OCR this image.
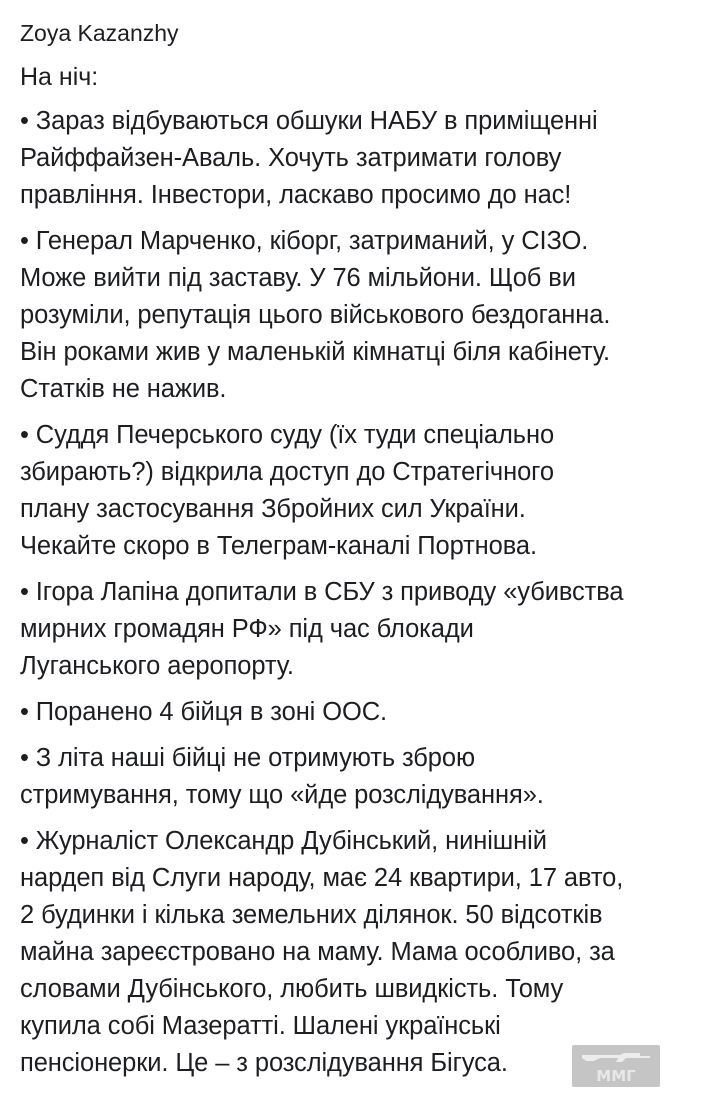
Zoya Kazanzhy
На ніч:
• Зараз відбуваються обшуки НАБУ в приміщенні
Райффайзен-Аваль. Хочуть затримати голову
правління. Інвестори, ласкаво просимо до нас!
• Генерал Марченко, кіборг, затриманий, у СІЗО.
Може вийти під заставу. У 76 мільйони. Щоб ви
розуміли, репутація цього військового бездоганна.
Він роками жив у маленькій кімнатці біля кабінету.
Статків не нажив.
• Суддя Печерського суду (їх туди спеціально
збирають?) відкрила доступ до Стратегічного
плану застосування Збройних сил України.
Чекайте скоро в Телеграм-каналі Портнова.
• Ігора Лапіна допитали в СБУ з приводу «убивства
мирних громадян РФ» під час блокади
Луганського аеропорту.
• Поранено 4 бійця в зоні ООС.
• З літа наші бійці не отримують зброю
стримування, тому що «йде розслідування».
• Журналіст Олександр Дубінський, нинішній
нардеп від Слуги народу, має 24 квартири, 17 авто,
2 будинки і кілька земельних ділянок. 50 відсотків
майна зареєстровано на маму. Мама особливо, за
словами Дубінського, любить швидкість. Тому
купила собі Мазератті. Шалені українські
пенсіонерки. Це – з розслідування Бігуса.	ММГ
